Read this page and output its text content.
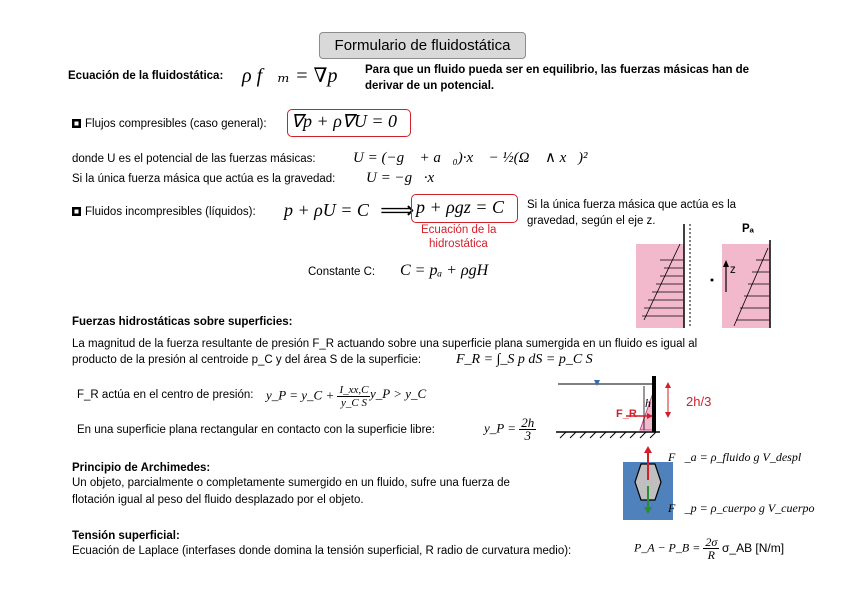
Formulario de fluidostática
Ecuación de la fluidostática: ρ f⃗ₘ = ∇p Para que un fluido pueda ser en equilibrio, las fuerzas másicas han de
derivar de un potencial.
Flujos compresibles (caso general): ∇p + ρ∇U = 0
donde U es el potencial de las fuerzas másicas: U = (−g⃗ + a⃗₀)·x⃗ − ½(Ω⃗ ∧ x⃗)²
Si la única fuerza másica que actúa es la gravedad: U = −g⃗·x⃗
Fluidos incompresibles (líquidos): p + ρU = C ⟹ p + ρgz = C
Ecuación de la
hidrostática
Si la única fuerza másica que actúa es la
gravedad, según el eje z.
Constante C: C = pₐ + ρgH
Pₐ
z
Fuerzas hidrostáticas sobre superficies:
La magnitud de la fuerza resultante de presión F_R actuando sobre una superficie plana sumergida en un fluido es igual al
producto de la presión al centroide p_C y del área S de la superficie: F_R = ∫_S p dS = p_C S
F_R actúa en el centro de presión: y_P = y_C + $\frac{I\_xx,C}{\text{y\_C S}}$ y_P > y_C
En una superficie plana rectangular en contacto con la superficie libre:	y_P = $\frac{2h}{3}$
h	2h/3
F_R
Principio de Archimedes:
Un objeto, parcialmente o completamente sumergido en un fluido, sufre una fuerza de
flotación igual al peso del fluido desplazado por el objeto.
F⃗_a = ρ_fluido g V_despl
F⃗_p = ρ_cuerpo g V_cuerpo
Tensión superficial:
Ecuación de Laplace (interfases donde domina la tensión superficial, R radio de curvatura medio):	P_A − P_B = $\frac{2\sigma}{R}$ σ_AB [N/m]
